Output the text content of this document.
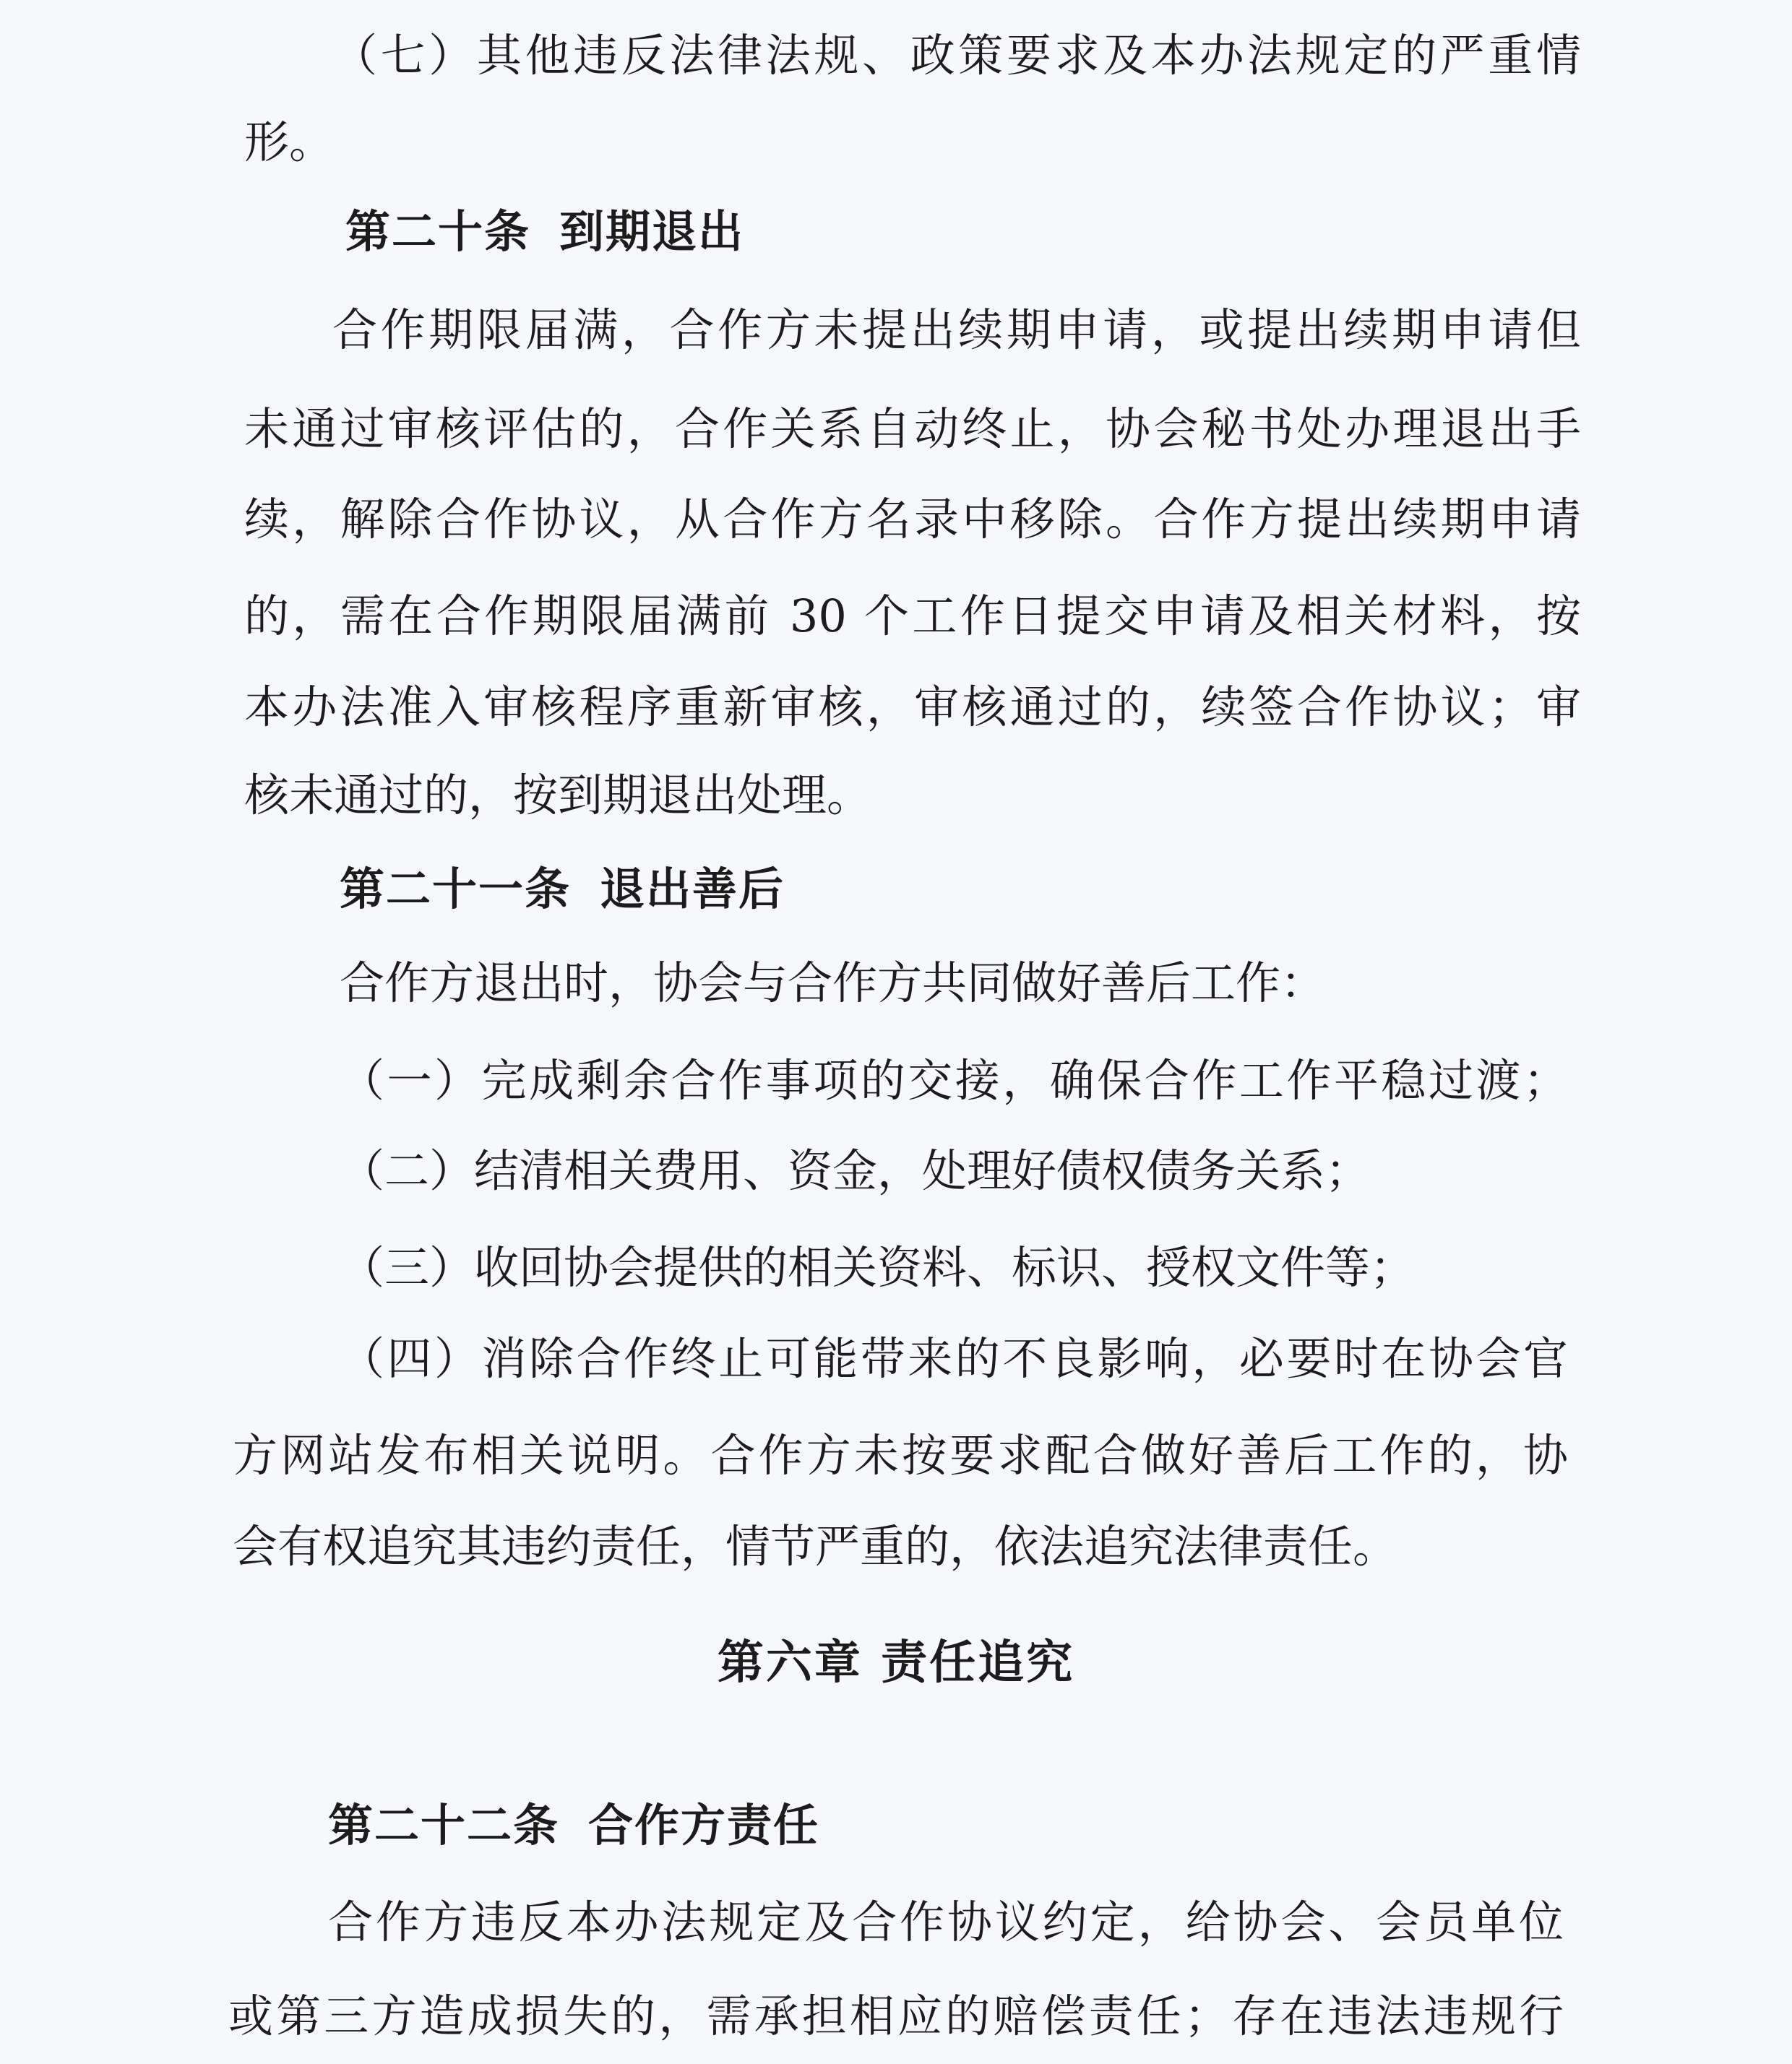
（七）其他违反法律法规、政策要求及本办法规定的严重情
形。
第二十条 到期退出
合作期限届满，合作方未提出续期申请，或提出续期申请但
未通过审核评估的，合作关系自动终止，协会秘书处办理退出手
续，解除合作协议，从合作方名录中移除。合作方提出续期申请
的，需在合作期限届满前 30 个工作日提交申请及相关材料，按
本办法准入审核程序重新审核，审核通过的，续签合作协议；审
核未通过的，按到期退出处理。
第二十一条 退出善后
合作方退出时，协会与合作方共同做好善后工作：
（一）完成剩余合作事项的交接，确保合作工作平稳过渡；
（二）结清相关费用、资金，处理好债权债务关系；
（三）收回协会提供的相关资料、标识、授权文件等；
（四）消除合作终止可能带来的不良影响，必要时在协会官
方网站发布相关说明。合作方未按要求配合做好善后工作的，协
会有权追究其违约责任，情节严重的，依法追究法律责任。
第六章 责任追究
第二十二条 合作方责任
合作方违反本办法规定及合作协议约定，给协会、会员单位
或第三方造成损失的，需承担相应的赔偿责任；存在违法违规行
